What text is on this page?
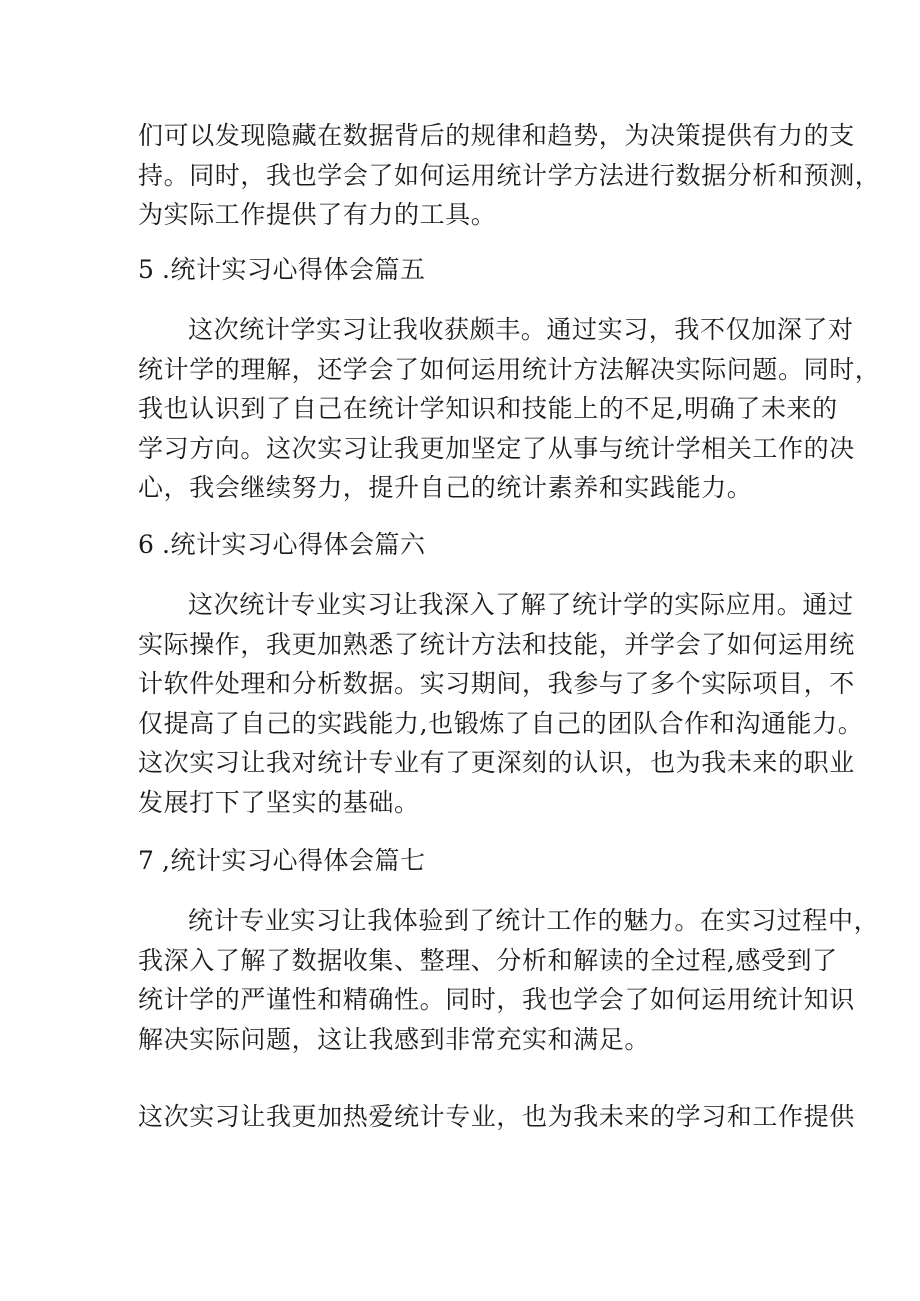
们可以发现隐藏在数据背后的规律和趋势，为决策提供有力的支
持。同时，我也学会了如何运用统计学方法进行数据分析和预测，
为实际工作提供了有力的工具。
5 .统计实习心得体会篇五
这次统计学实习让我收获颇丰。通过实习，我不仅加深了对
统计学的理解，还学会了如何运用统计方法解决实际问题。同时，
我也认识到了自己在统计学知识和技能上的不足,明确了未来的
学习方向。这次实习让我更加坚定了从事与统计学相关工作的决
心，我会继续努力，提升自己的统计素养和实践能力。
6 .统计实习心得体会篇六
这次统计专业实习让我深入了解了统计学的实际应用。通过
实际操作，我更加熟悉了统计方法和技能，并学会了如何运用统
计软件处理和分析数据。实习期间，我参与了多个实际项目，不
仅提高了自己的实践能力,也锻炼了自己的团队合作和沟通能力。
这次实习让我对统计专业有了更深刻的认识，也为我未来的职业
发展打下了坚实的基础。
7 ,统计实习心得体会篇七
统计专业实习让我体验到了统计工作的魅力。在实习过程中，
我深入了解了数据收集、整理、分析和解读的全过程,感受到了
统计学的严谨性和精确性。同时，我也学会了如何运用统计知识
解决实际问题，这让我感到非常充实和满足。
这次实习让我更加热爱统计专业，也为我未来的学习和工作提供
